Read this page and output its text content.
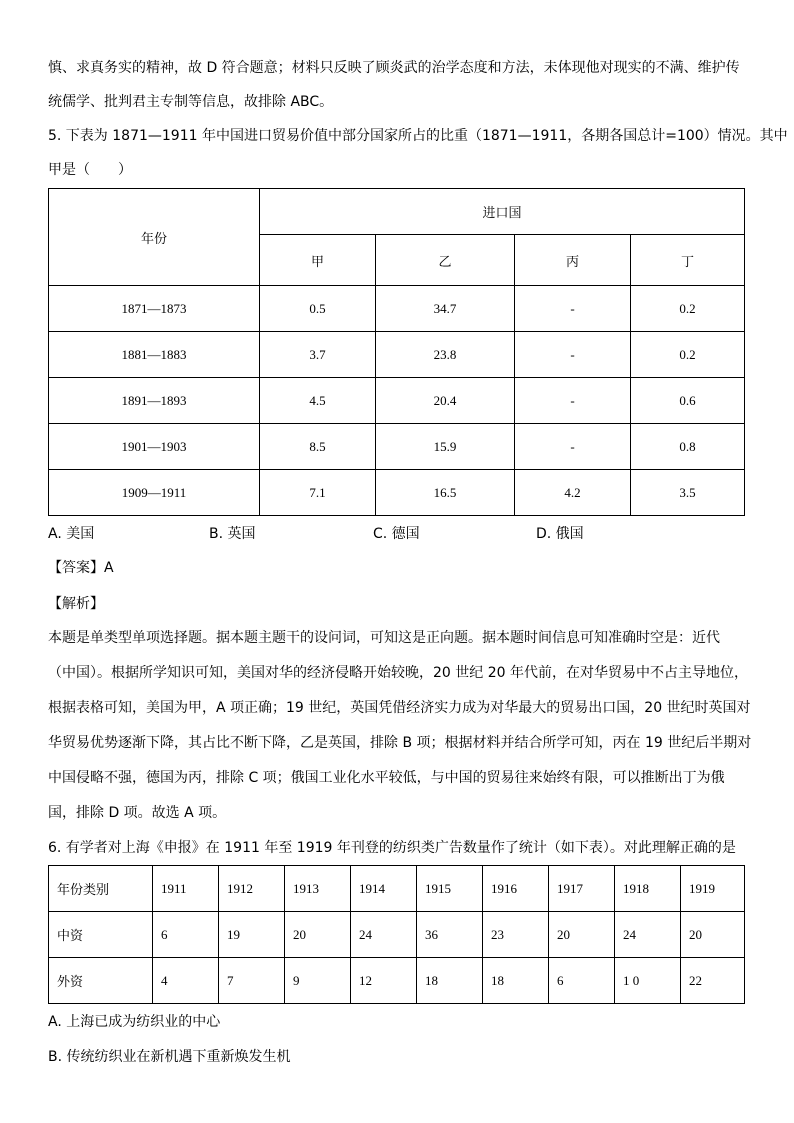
慎、求真务实的精神，故 D 符合题意；材料只反映了顾炎武的治学态度和方法，未体现他对现实的不满、维护传

统儒学、批判君主专制等信息，故排除 ABC。

5. 下表为 1871—1911 年中国进口贸易价值中部分国家所占的比重（1871—1911，各期各国总计=100）情况。其中

甲是（　　）

年份	进口国			
	甲	乙	丙	丁
1871—1873	0.5	34.7	-	0.2
1881—1883	3.7	23.8	-	0.2
1891—1893	4.5	20.4	-	0.6
1901—1903	8.5	15.9	-	0.8
1909—1911	7.1	16.5	4.2	3.5
A. 美国	B. 英国	C. 德国	D. 俄国

【答案】A

【解析】

本题是单类型单项选择题。据本题主题干的设问词，可知这是正向题。据本题时间信息可知准确时空是：近代

（中国）。根据所学知识可知，美国对华的经济侵略开始较晚，20 世纪 20 年代前，在对华贸易中不占主导地位，

根据表格可知，美国为甲，A 项正确；19 世纪，英国凭借经济实力成为对华最大的贸易出口国，20 世纪时英国对

华贸易优势逐渐下降，其占比不断下降，乙是英国，排除 B 项；根据材料并结合所学可知，丙在 19 世纪后半期对

中国侵略不强，德国为丙，排除 C 项；俄国工业化水平较低，与中国的贸易往来始终有限，可以推断出丁为俄

国，排除 D 项。故选 A 项。

6. 有学者对上海《申报》在 1911 年至 1919 年刊登的纺织类广告数量作了统计（如下表）。对此理解正确的是

年份类别	1911	1912	1913	1914	1915	1916	1917	1918	1919
中资	6	19	20	24	36	23	20	24	20
外资	4	7	9	12	18	18	6	1 0	22

A. 上海已成为纺织业的中心

B. 传统纺织业在新机遇下重新焕发生机
